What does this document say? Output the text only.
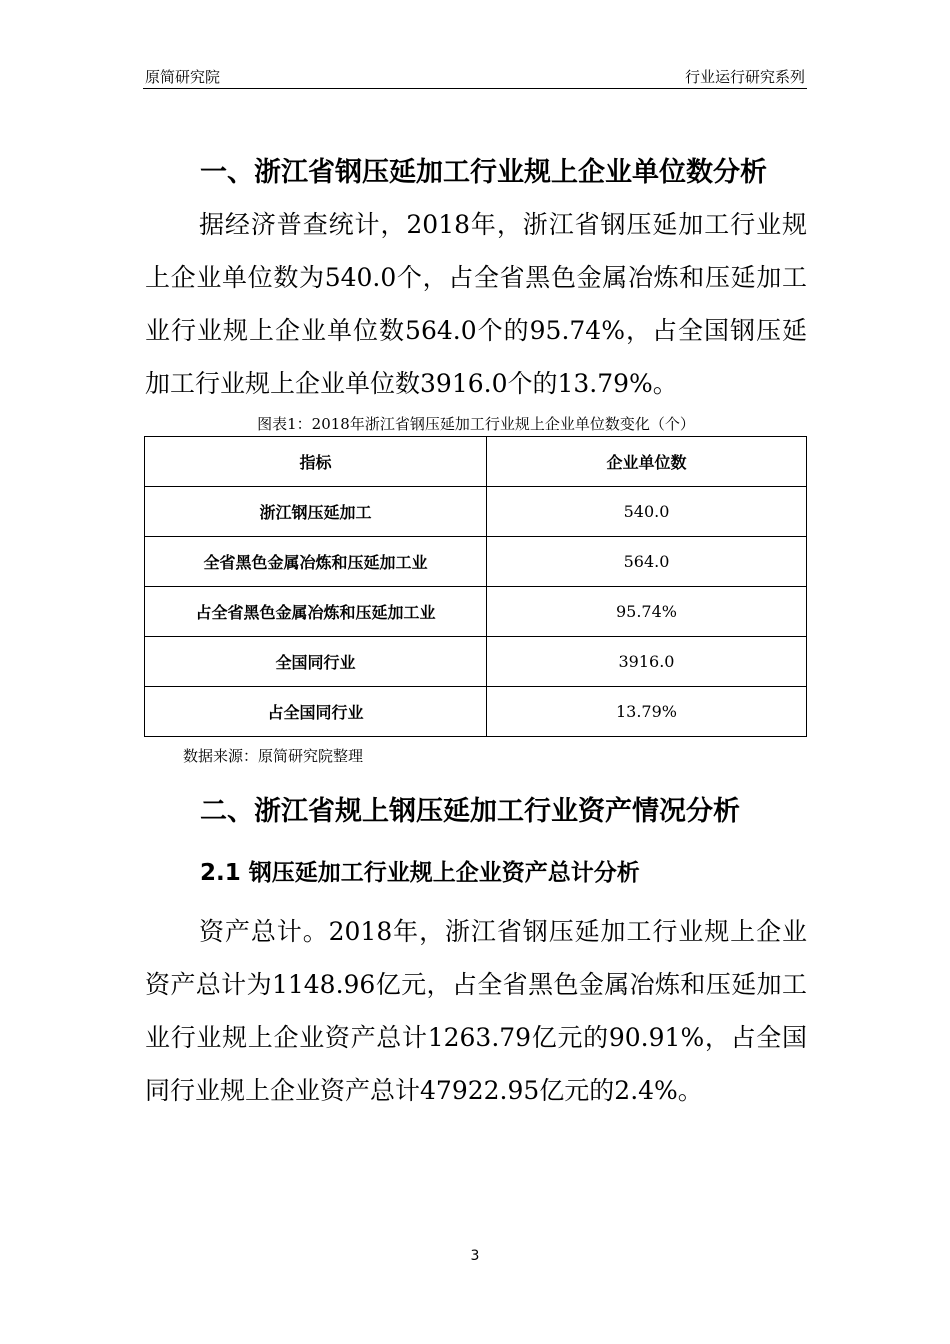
原简研究院	行业运行研究系列
一、浙江省钢压延加工行业规上企业单位数分析

据经济普查统计，2018年，浙江省钢压延加工行业规上企业单位数为540.0个，占全省黑色金属冶炼和压延加工业行业规上企业单位数564.0个的95.74%，占全国钢压延加工行业规上企业单位数3916.0个的13.79%。

图表1：2018年浙江省钢压延加工行业规上企业单位数变化（个）
指标	企业单位数
浙江钢压延加工	540.0
全省黑色金属冶炼和压延加工业	564.0
占全省黑色金属冶炼和压延加工业	95.74%
全国同行业	3916.0
占全国同行业	13.79%
数据来源：原简研究院整理
二、浙江省规上钢压延加工行业资产情况分析
2.1 钢压延加工行业规上企业资产总计分析

资产总计。2018年，浙江省钢压延加工行业规上企业资产总计为1148.96亿元，占全省黑色金属冶炼和压延加工业行业规上企业资产总计1263.79亿元的90.91%，占全国同行业规上企业资产总计47922.95亿元的2.4%。

3
